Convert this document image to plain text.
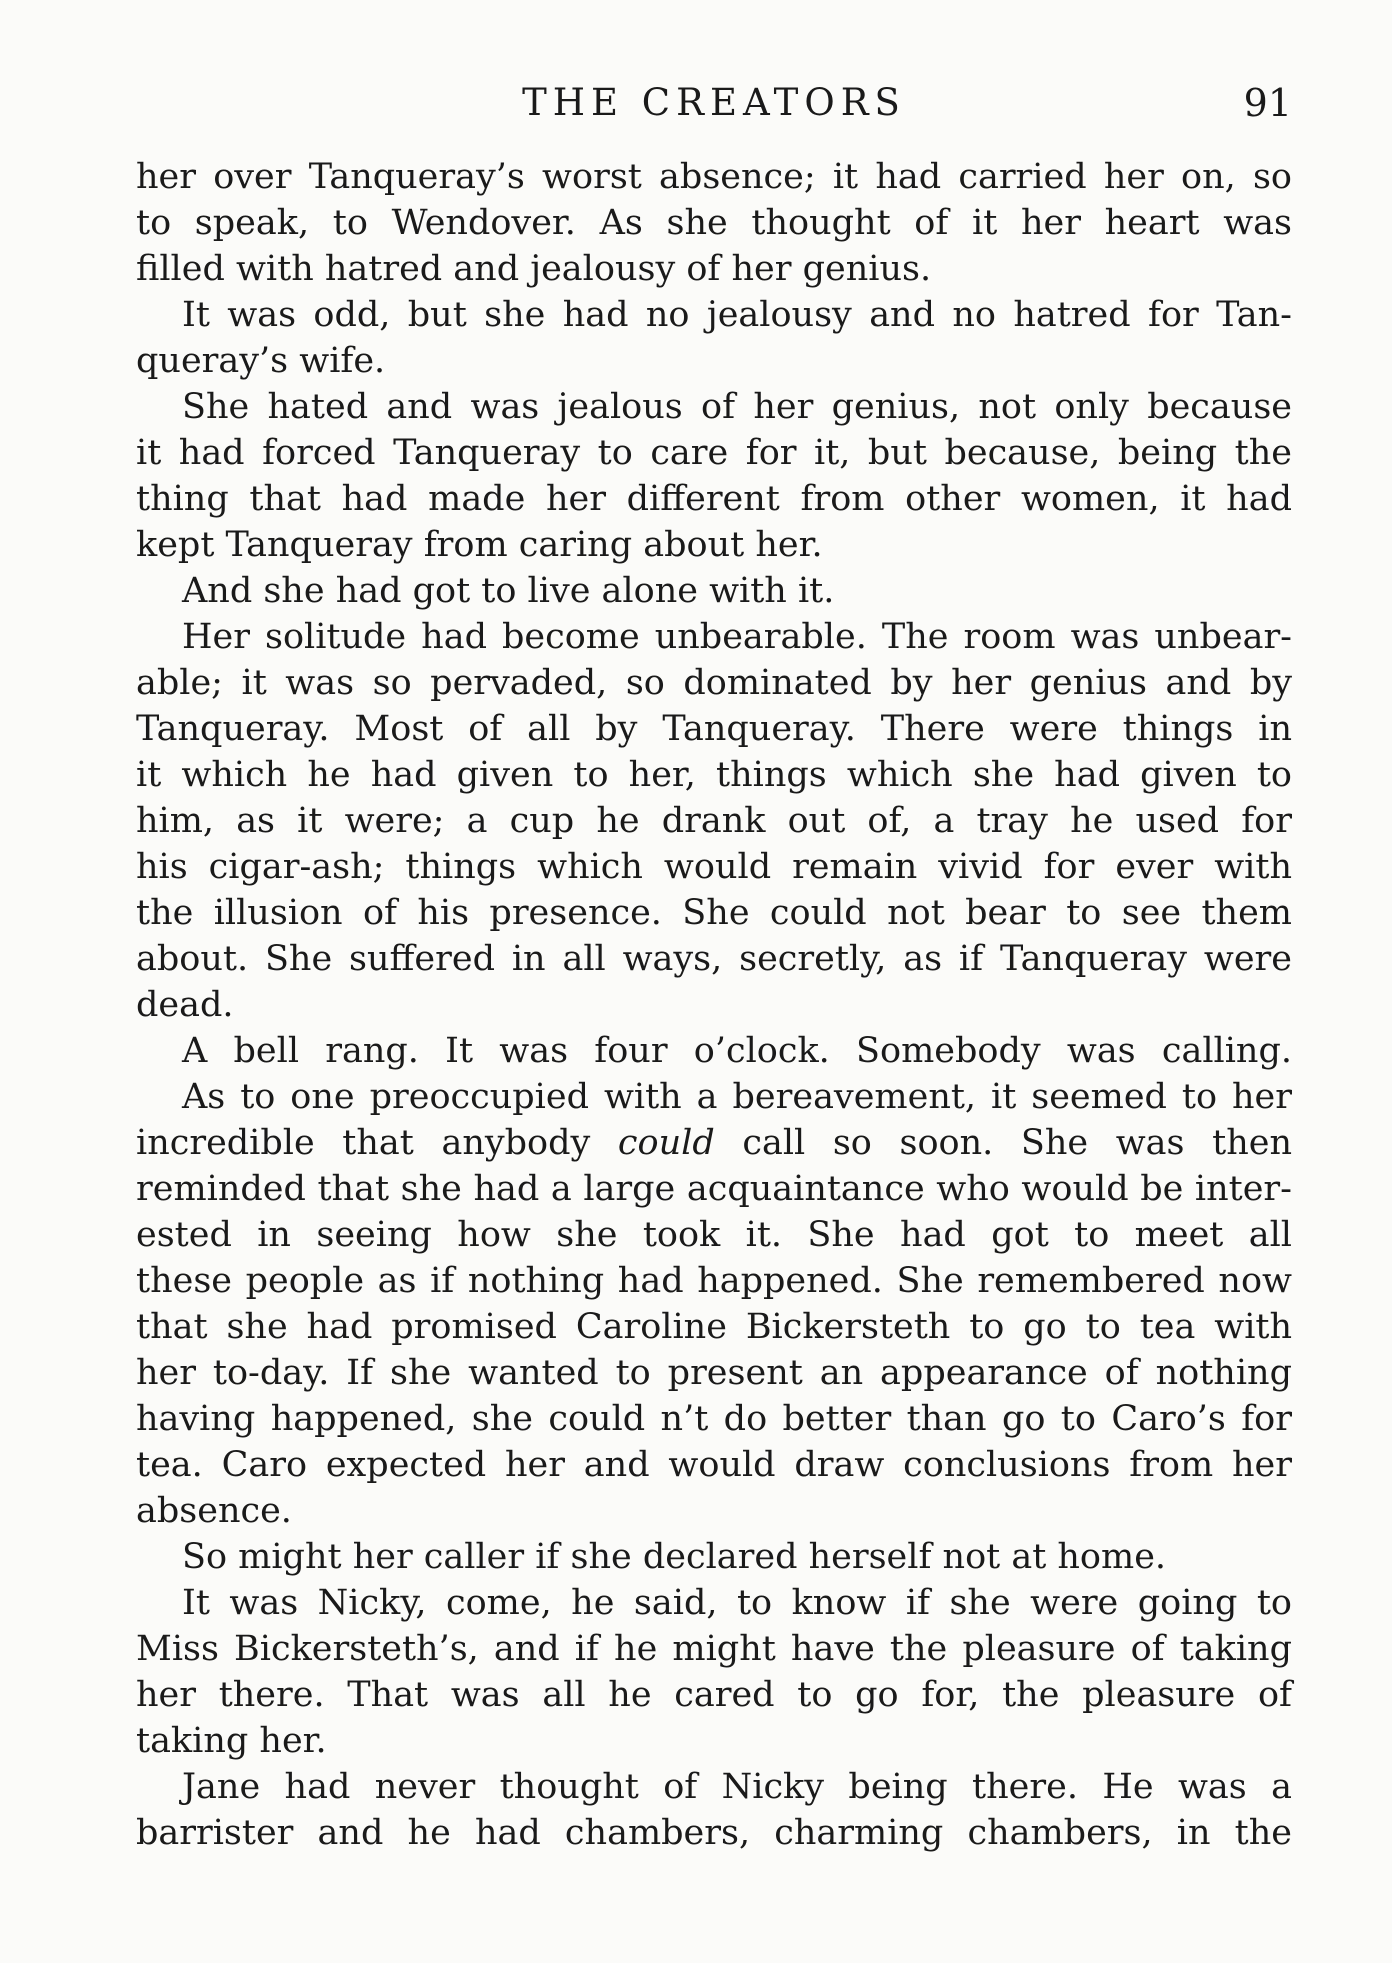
THE CREATORS	91
her over Tanqueray’s worst absence; it had carried her on, so
to speak, to Wendover. As she thought of it her heart was
filled with hatred and jealousy of her genius.
It was odd, but she had no jealousy and no hatred for Tan-
queray’s wife.
She hated and was jealous of her genius, not only because
it had forced Tanqueray to care for it, but because, being the
thing that had made her different from other women, it had
kept Tanqueray from caring about her.
And she had got to live alone with it.
Her solitude had become unbearable. The room was unbear-
able; it was so pervaded, so dominated by her genius and by
Tanqueray. Most of all by Tanqueray. There were things in
it which he had given to her, things which she had given to
him, as it were; a cup he drank out of, a tray he used for
his cigar-ash; things which would remain vivid for ever with
the illusion of his presence. She could not bear to see them
about. She suffered in all ways, secretly, as if Tanqueray were
dead.
A bell rang. It was four o’clock. Somebody was calling.
As to one preoccupied with a bereavement, it seemed to her
incredible that anybody could call so soon. She was then
reminded that she had a large acquaintance who would be inter-
ested in seeing how she took it. She had got to meet all
these people as if nothing had happened. She remembered now
that she had promised Caroline Bickersteth to go to tea with
her to-day. If she wanted to present an appearance of nothing
having happened, she could n’t do better than go to Caro’s for
tea. Caro expected her and would draw conclusions from her
absence.
So might her caller if she declared herself not at home.
It was Nicky, come, he said, to know if she were going to
Miss Bickersteth’s, and if he might have the pleasure of taking
her there. That was all he cared to go for, the pleasure of
taking her.
Jane had never thought of Nicky being there. He was a
barrister and he had chambers, charming chambers, in the
